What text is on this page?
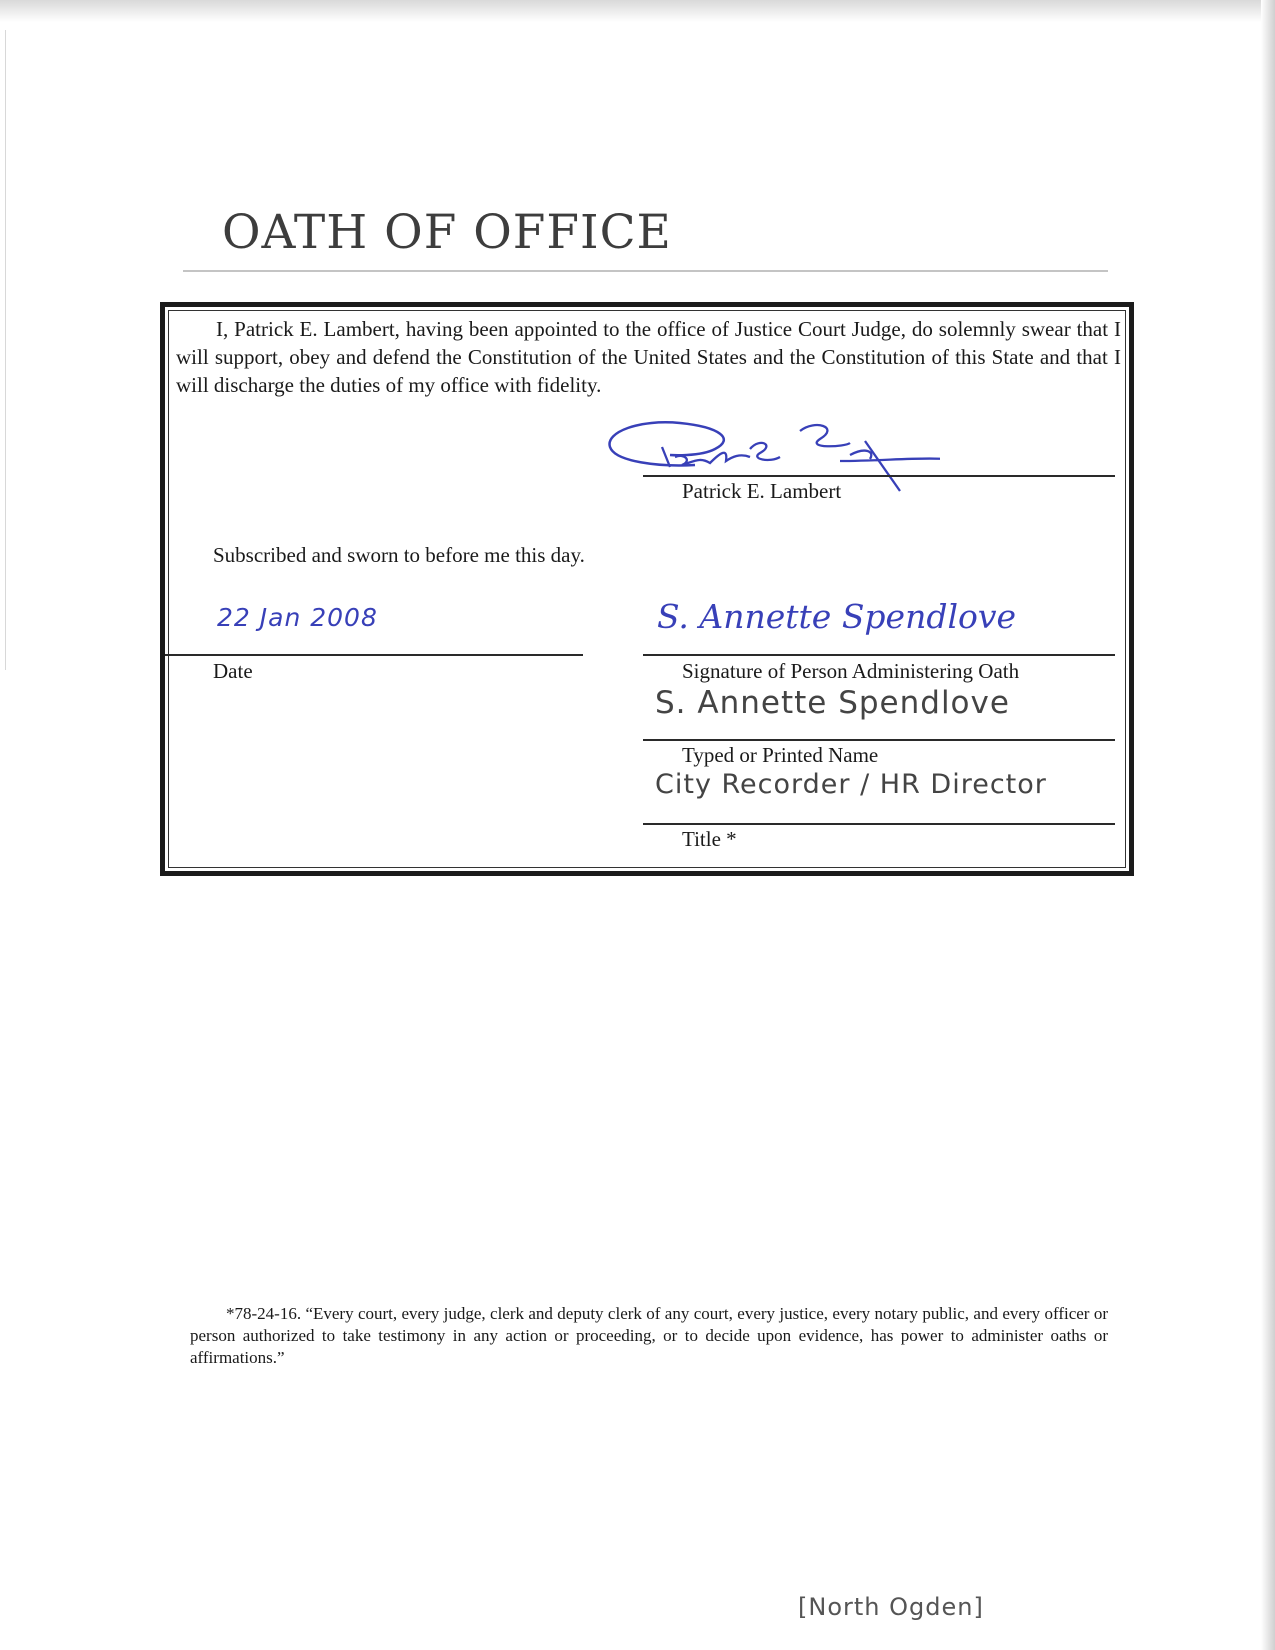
OATH OF OFFICE

I, Patrick E. Lambert, having been appointed to the office of Justice Court Judge, do solemnly swear that I will support, obey and defend the Constitution of the United States and the Constitution of this State and that I will discharge the duties of my office with fidelity.

Patrick E. Lambert
Subscribed and sworn to before me this day.
22 Jan 2008
Date
S. Annette Spendlove
Signature of Person Administering Oath
S. Annette Spendlove
Typed or Printed Name
City Recorder / HR Director
Title *

*78-24-16. “Every court, every judge, clerk and deputy clerk of any court, every justice, every notary public, and every officer or person authorized to take testimony in any action or proceeding, or to decide upon evidence, has power to administer oaths or affirmations.”

[North Ogden]
